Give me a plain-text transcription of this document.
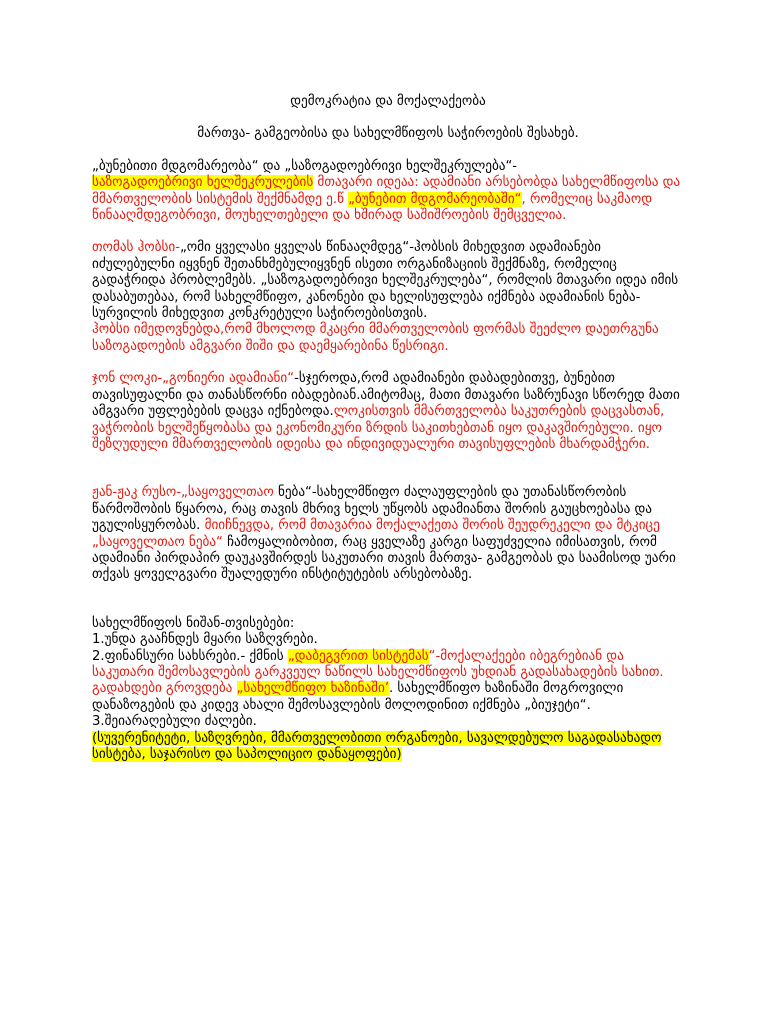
დემოკრატია და მოქალაქეობა

მართვა- გამგეობისა და სახელმწიფოს საჭიროების შესახებ.

„ბუნებითი მდგომარეობა“ და „საზოგადოებრივი ხელშეკრულება“-
საზოგადოებრივი ხელშეკრულების მთავარი იდეაა: ადამიანი არსებობდა სახელმწიფოსა და მმართველობის სისტემის შექმნამდე ე.წ „ბუნებით მდგომარეობაში“, რომელიც საკმაოდ წინააღმდეგობრივი, მოუხელთებელი და ხშირად საშიშროების შემცველია.

თომას ჰობსი-„ომი ყველასი ყველას წინააღმდეგ“-ჰობსის მიხედვით ადამიანები იძულებულნი იყვნენ შეთანხმებულიყვნენ ისეთი ორგანიზაციის შექმნაზე, რომელიც გადაჭრიდა პრობლემებს. „საზოგადოებრივი ხელშეკრულება“, რომლის მთავარი იდეა იმის დასაბუთებაა, რომ სახელმწიფო, კანონები და ხელისუფლება იქმნება ადამიანის ნება-სურვილის მიხედვით კონკრეტული საჭიროებისთვის.
ჰობსი იმედოვნებდა,რომ მხოლოდ მკაცრი მმართველობის ფორმას შეეძლო დაეთრგუნა საზოგადოების ამგვარი შიში და დაემყარებინა წესრიგი.

ჯონ ლოკი-„გონიერი ადამიანი“-სჯეროდა,რომ ადამიანები დაბადებითვე, ბუნებით თავისუფალნი და თანასწორნი იბადებიან.ამიტომაც, მათი მთავარი საზრუნავი სწორედ მათი ამგვარი უფლებების დაცვა იქნებოდა.ლოკისთვის მმართველობა საკუთრების დაცვასთან, ვაჭრობის ხელშეწყობასა და ეკონომიკური ზრდის საკითხებთან იყო დაკავშირებული. იყო შეზღუდული მმართველობის იდეისა და ინდივიდუალური თავისუფლების მხარდამჭერი.

ჟან-ჟაკ რუსო-„საყოველთაო ნება“-სახელმწიფო ძალაუფლების და უთანასწორობის წარმოშობის წყაროა, რაც თავის მხრივ ხელს უწყობს ადამიანთა შორის გაუცხოებასა და უგულისყურობას. მიიჩნევდა, რომ მთავარია მოქალაქეთა შორის შეუდრეკელი და მტკიცე „საყოველთაო ნება“ ჩამოყალიბობით, რაც ყველაზე კარგი საფუძველია იმისათვის, რომ ადამიანი პირდაპირ დაუკავშირდეს საკუთარი თავის მართვა- გამგეობას და საამისოდ უარი თქვას ყოველგვარი შუალედური ინსტიტუტების არსებობაზე.

სახელმწიფოს ნიშან-თვისებები:

1.უნდა გააჩნდეს მყარი საზღვრები.

2.ფინანსური სახსრები.- ქმნის „დაბეგვრით სისტემას“-მოქალაქეები იბეგრებიან და საკუთარი შემოსავლების გარკვეულ ნაწილს სახელმწიფოს უხდიან გადასახადების სახით. გადახდები გროვდება „სახელმწიფო ხაზინაში’. სახელმწიფო ხაზინაში მოგროვილი დანაზოგების და კიდევ ახალი შემოსავლების მოლოდინით იქმნება „ბიუჯეტი“.

3.შეიარაღებული ძალები.

(სუვერენიტეტი, საზღვრები, მმართველობითი ორგანოები, სავალდებულო საგადასახადო სისტება, საჯარისო და საპოლიციო დანაყოფები)
